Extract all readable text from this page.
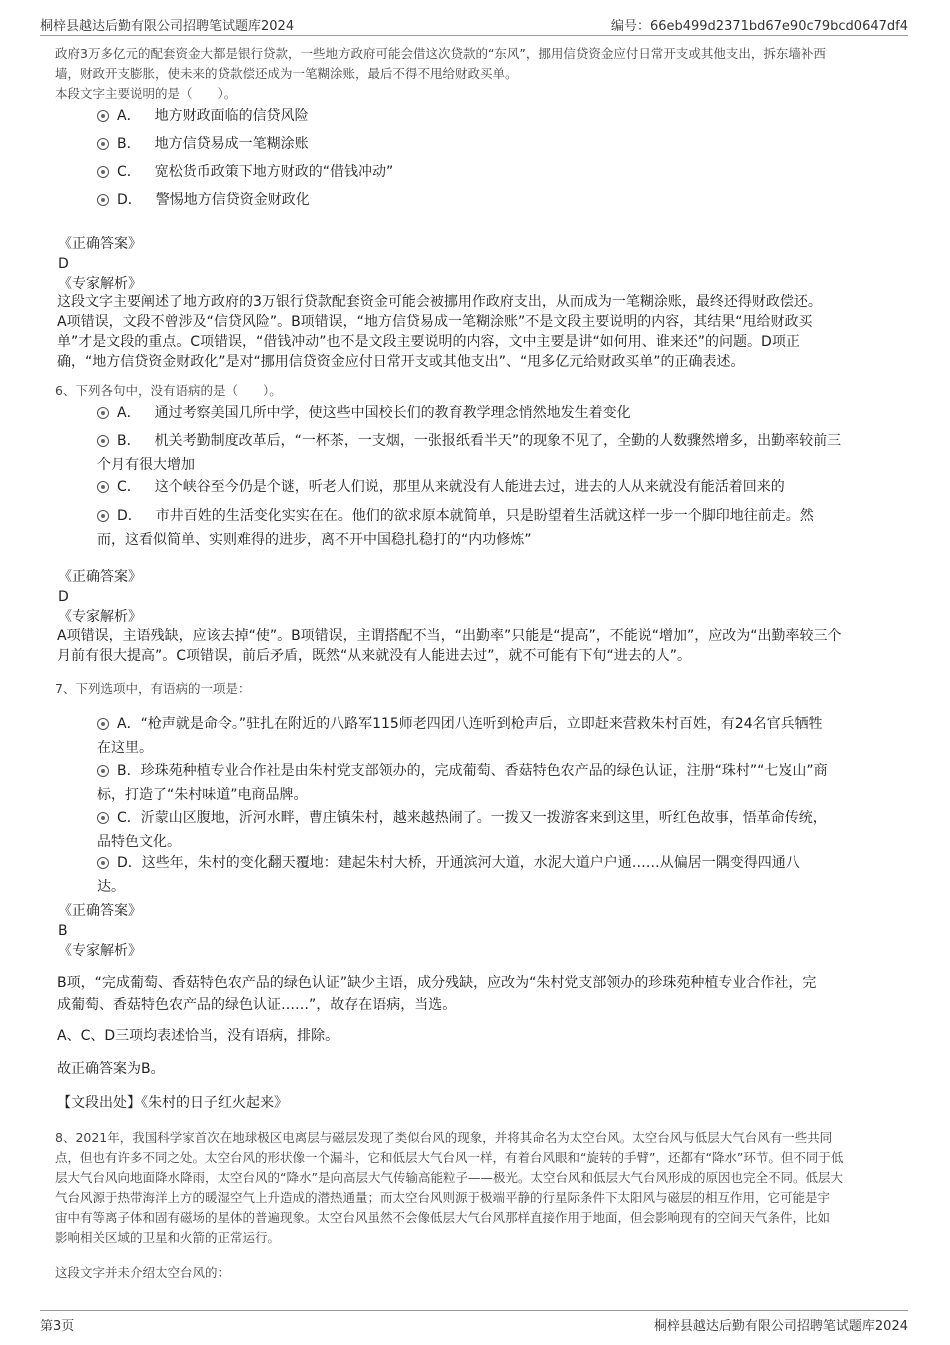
桐梓县越达后勤有限公司招聘笔试题库2024	编号：66eb499d2371bd67e90c79bcd0647df4
政府3万多亿元的配套资金大都是银行贷款，一些地方政府可能会借这次贷款的“东风”，挪用信贷资金应付日常开支或其他支出，拆东墙补西
墙，财政开支膨胀，使未来的贷款偿还成为一笔糊涂账，最后不得不甩给财政买单。
本段文字主要说明的是（　　）。
A． 地方财政面临的信贷风险
B． 地方信贷易成一笔糊涂账
C． 宽松货币政策下地方财政的“借钱冲动”
D． 警惕地方信贷资金财政化
《正确答案》
D
《专家解析》
这段文字主要阐述了地方政府的3万银行贷款配套资金可能会被挪用作政府支出，从而成为一笔糊涂账，最终还得财政偿还。
A项错误，文段不曾涉及“信贷风险”。B项错误，“地方信贷易成一笔糊涂账”不是文段主要说明的内容，其结果“甩给财政买
单”才是文段的重点。C项错误，“借钱冲动”也不是文段主要说明的内容，文中主要是讲“如何用、谁来还”的问题。D项正
确，“地方信贷资金财政化”是对“挪用信贷资金应付日常开支或其他支出”、“甩多亿元给财政买单”的正确表述。
6、下列各句中，没有语病的是（　　）。
A． 通过考察美国几所中学，使这些中国校长们的教育教学理念悄然地发生着变化
B． 机关考勤制度改革后，“一杯茶，一支烟，一张报纸看半天”的现象不见了，全勤的人数骤然增多，出勤率较前三
个月有很大增加
C． 这个峡谷至今仍是个谜，听老人们说，那里从来就没有人能进去过，进去的人从来就没有能活着回来的
D． 市井百姓的生活变化实实在在。他们的欲求原本就简单，只是盼望着生活就这样一步一个脚印地往前走。然
而，这看似简单、实则难得的进步，离不开中国稳扎稳打的“内功修炼”
《正确答案》
D
《专家解析》
A项错误，主语残缺，应该去掉“使”。B项错误，主谓搭配不当，“出勤率”只能是“提高”，不能说“增加”，应改为“出勤率较三个
月前有很大提高”。C项错误，前后矛盾，既然“从来就没有人能进去过”，就不可能有下旬“进去的人”。
7、下列选项中，有语病的一项是：
A．“枪声就是命令。”驻扎在附近的八路军115师老四团八连听到枪声后，立即赶来营救朱村百姓，有24名官兵牺牲
在这里。
B．珍珠苑种植专业合作社是由朱村党支部领办的，完成葡萄、香菇特色农产品的绿色认证，注册“珠村”“七岌山”商
标，打造了“朱村味道”电商品牌。
C．沂蒙山区腹地，沂河水畔，曹庄镇朱村，越来越热闹了。一拨又一拨游客来到这里，听红色故事，悟革命传统，
品特色文化。
D．这些年，朱村的变化翻天覆地：建起朱村大桥，开通滨河大道，水泥大道户户通……从偏居一隅变得四通八
达。
《正确答案》
B
《专家解析》
B项，“完成葡萄、香菇特色农产品的绿色认证”缺少主语，成分残缺，应改为“朱村党支部领办的珍珠苑种植专业合作社，完
成葡萄、香菇特色农产品的绿色认证……”，故存在语病，当选。
A、C、D三项均表述恰当，没有语病，排除。
故正确答案为B。
【文段出处】《朱村的日子红火起来》
8、2021年，我国科学家首次在地球极区电离层与磁层发现了类似台风的现象，并将其命名为太空台风。太空台风与低层大气台风有一些共同
点，但也有许多不同之处。太空台风的形状像一个漏斗，它和低层大气台风一样，有着台风眼和“旋转的手臂”，还都有“降水”环节。但不同于低
层大气台风向地面降水降雨，太空台风的“降水”是向高层大气传输高能粒子——极光。太空台风和低层大气台风形成的原因也完全不同。低层大
气台风源于热带海洋上方的暖湿空气上升造成的潜热通量；而太空台风则源于极端平静的行星际条件下太阳风与磁层的相互作用，它可能是宇
宙中有等离子体和固有磁场的星体的普遍现象。太空台风虽然不会像低层大气台风那样直接作用于地面，但会影响现有的空间天气条件，比如
影响相关区域的卫星和火箭的正常运行。
这段文字并未介绍太空台风的：
第3页	桐梓县越达后勤有限公司招聘笔试题库2024
